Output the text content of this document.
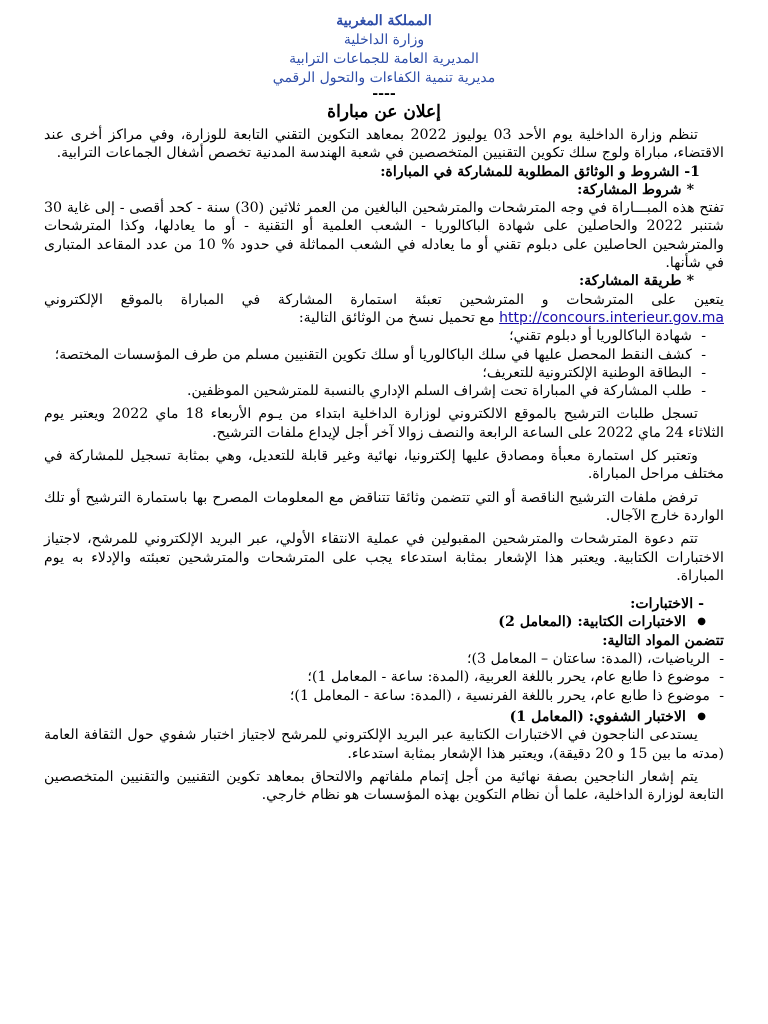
المملكة المغربية
وزارة الداخلية
المديرية العامة للجماعات الترابية
مديرية تنمية الكفاءات والتحول الرقمي
----
إعلان عن مباراة

تنظم وزارة الداخلية يوم الأحد 03 يوليوز 2022 بمعاهد التكوين التقني التابعة للوزارة، وفي مراكز أخرى عند الاقتضاء، مباراة ولوج سلك تكوين التقنيين المتخصصين في شعبة الهندسة المدنية تخصص أشغال الجماعات الترابية.

1- الشروط و الوثائق المطلوبة للمشاركة في المباراة:

* شروط المشاركة:

تفتح هذه المبـــاراة في وجه المترشحات والمترشحين البالغين من العمر ثلاثين (30) سنة - كحد أقصى - إلى غاية 30 شتنبر 2022 والحاصلين على شهادة الباكالوريا - الشعب العلمية أو التقنية - أو ما يعادلها، وكذا المترشحات والمترشحين الحاصلين على دبلوم تقني أو ما يعادله في الشعب المماثلة في حدود % 10 من عدد المقاعد المتبارى في شأنها.

* طريقة المشاركة:

يتعين على المترشحات و المترشحين تعبئة استمارة المشاركة في المباراة بالموقع الإلكتروني http://concours.interieur.gov.ma مع تحميل نسخ من الوثائق التالية:

- شهادة الباكالوريا أو دبلوم تقني؛
- كشف النقط المحصل عليها في سلك الباكالوريا أو سلك تكوين التقنيين مسلم من طرف المؤسسات المختصة؛
- البطاقة الوطنية الإلكترونية للتعريف؛
- طلب المشاركة في المباراة تحت إشراف السلم الإداري بالنسبة للمترشحين الموظفين.

تسجل طلبات الترشيح بالموقع الالكتروني لوزارة الداخلية ابتداء من يـوم الأربعاء 18 ماي 2022 ويعتبر يوم الثلاثاء 24 ماي 2022 على الساعة الرابعة والنصف زوالا آخر أجل لإيداع ملفات الترشيح.

وتعتبر كل استمارة معبأة ومصادق عليها إلكترونيا، نهائية وغير قابلة للتعديل، وهي بمثابة تسجيل للمشاركة في مختلف مراحل المباراة.

ترفض ملفات الترشيح الناقصة أو التي تتضمن وثائقا تتناقض مع المعلومات المصرح بها باستمارة الترشيح أو تلك الواردة خارج الآجال.

تتم دعوة المترشحات والمترشحين المقبولين في عملية الانتقاء الأولي، عبر البريد الإلكتروني للمرشح، لاجتياز الاختبارات الكتابية. ويعتبر هذا الإشعار بمثابة استدعاء يجب على المترشحات والمترشحين تعبئته والإدلاء به يوم المباراة.

- الاختبارات:

● الاختبارات الكتابية: (المعامل 2)

تتضمن المواد التالية:

- الرياضيات، (المدة: ساعتان – المعامل 3)؛
- موضوع ذا طابع عام، يحرر باللغة العربية، (المدة: ساعة - المعامل 1)؛
- موضوع ذا طابع عام، يحرر باللغة الفرنسية ، (المدة: ساعة - المعامل 1)؛
● الاختبار الشفوي: (المعامل 1)

يستدعى الناجحون في الاختبارات الكتابية عبر البريد الإلكتروني للمرشح لاجتياز اختبار شفوي حول الثقافة العامة (مدته ما بين 15 و 20 دقيقة)، ويعتبر هذا الإشعار بمثابة استدعاء.

يتم إشعار الناجحين بصفة نهائية من أجل إتمام ملفاتهم والالتحاق بمعاهد تكوين التقنيين والتقنيين المتخصصين التابعة لوزارة الداخلية، علما أن نظام التكوين بهذه المؤسسات هو نظام خارجي.
